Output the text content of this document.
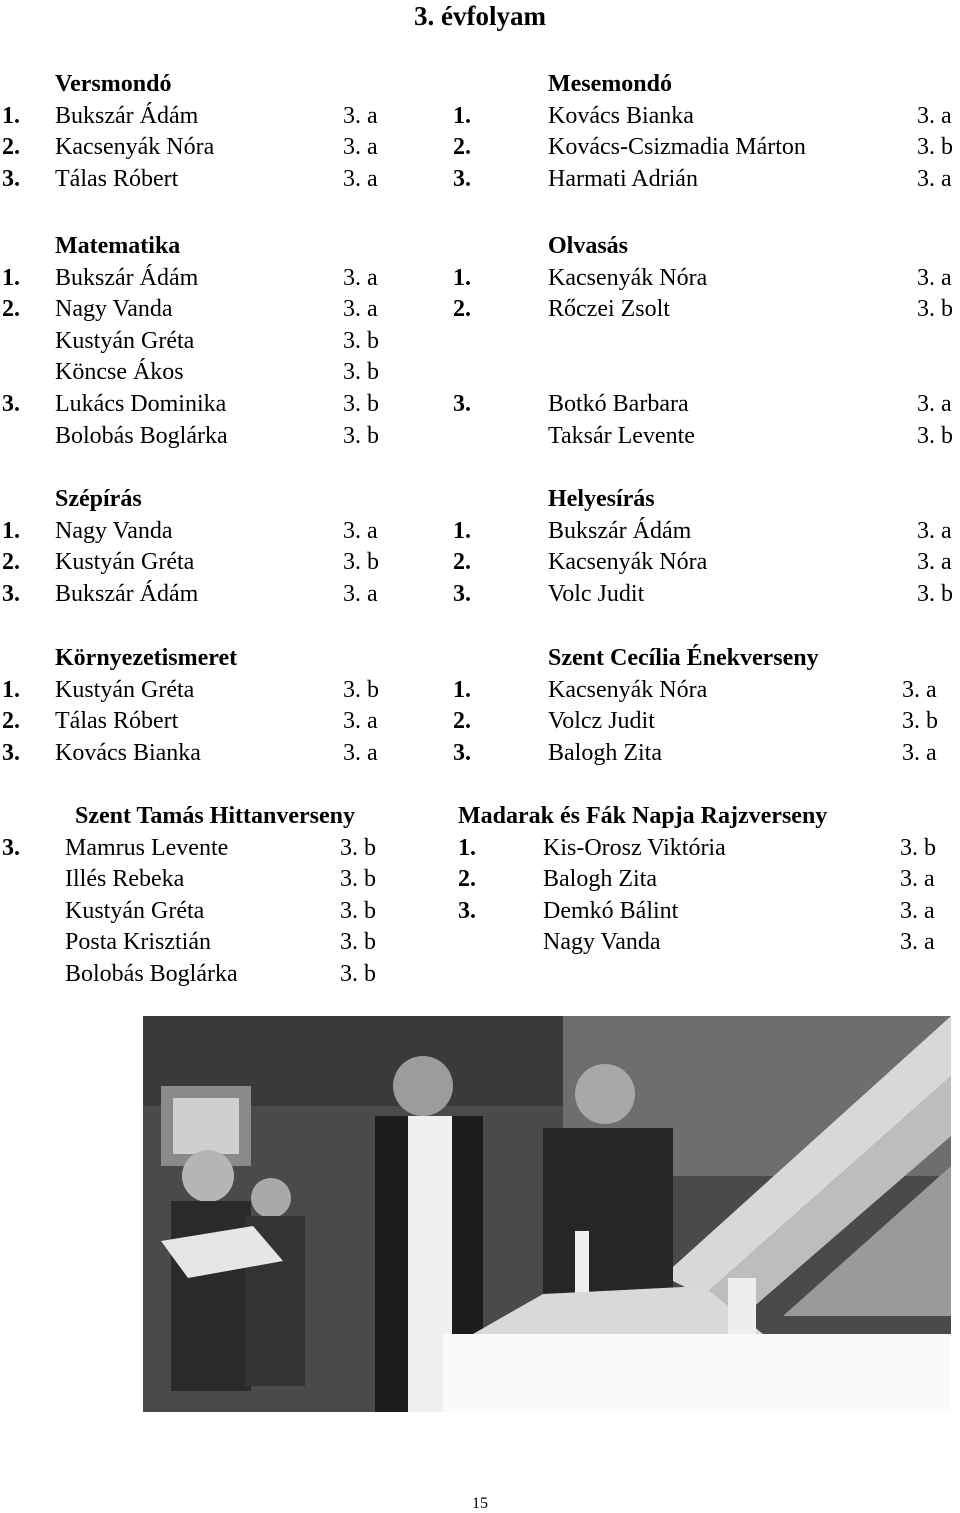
3. évfolyam
Versmondó
1. Bukszár Ádám	3. a
2. Kacsenyák Nóra	3. a
3. Tálas Róbert	3. a
Mesemondó
1.	Kovács Bianka	3. a
2.	Kovács-Csizmadia Márton	3. b
3.	Harmati Adrián	3. a
Matematika
1. Bukszár Ádám	3. a
2. Nagy Vanda	3. a
Kustyán Gréta	3. b
Köncse Ákos	3. b
3. Lukács Dominika	3. b
Bolobás Boglárka	3. b
Olvasás
1.	Kacsenyák Nóra	3. a
2.	Rőczei Zsolt	3. b
3.	Botkó Barbara	3. a
Taksár Levente	3. b
Szépírás
1. Nagy Vanda	3. a
2. Kustyán Gréta	3. b
3. Bukszár Ádám	3. a
Helyesírás
1.	Bukszár Ádám	3. a
2.	Kacsenyák Nóra	3. a
3.	Volc Judit	3. b
Környezetismeret
1. Kustyán Gréta	3. b
2. Tálas Róbert	3. a
3. Kovács Bianka	3. a
Szent Cecília Énekverseny
1.	Kacsenyák Nóra	3. a
2.	Volcz Judit	3. b
3.	Balogh Zita	3. a
Szent Tamás Hittanverseny
3. Mamrus Levente	3. b
Illés Rebeka	3. b
Kustyán Gréta	3. b
Posta Krisztián	3. b
Bolobás Boglárka	3. b
Madarak és Fák Napja Rajzverseny
1.	Kis-Orosz Viktória	3. b
2.	Balogh Zita	3. a
3.	Demkó Bálint	3. a
Nagy Vanda	3. a
15
